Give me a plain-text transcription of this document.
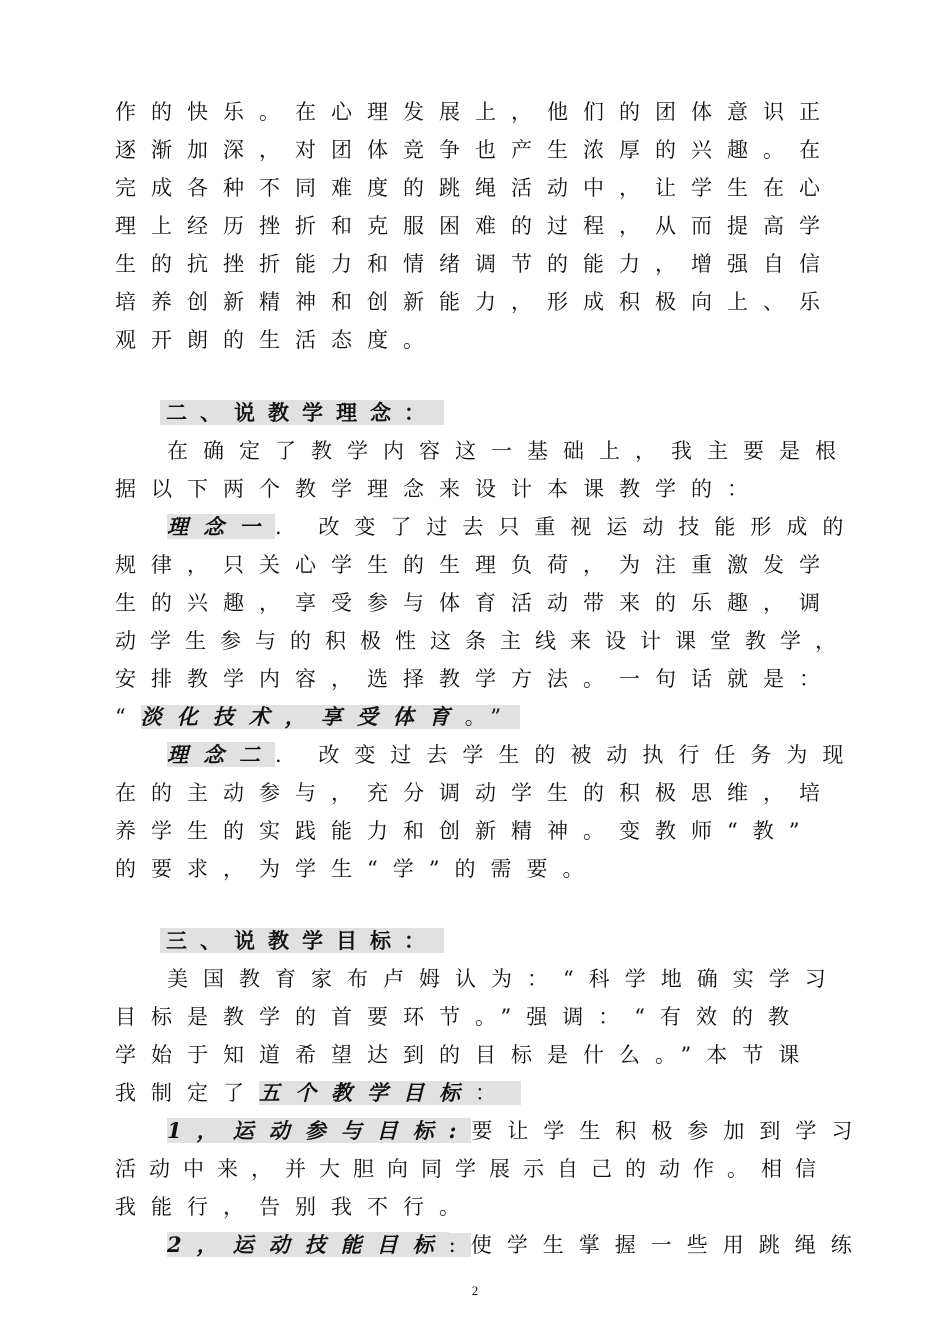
作的快乐。在心理发展上，他们的团体意识正
逐渐加深，对团体竞争也产生浓厚的兴趣。在
完成各种不同难度的跳绳活动中，让学生在心
理上经历挫折和克服困难的过程，从而提高学
生的抗挫折能力和情绪调节的能力，增强自信
培养创新精神和创新能力，形成积极向上、乐
观开朗的生活态度。
二、说教学理念：
在确定了教学内容这一基础上，我主要是根
据以下两个教学理念来设计本课教学的：
理念一. 改变了过去只重视运动技能形成的
规律，只关心学生的生理负荷，为注重激发学
生的兴趣，享受参与体育活动带来的乐趣，调
动学生参与的积极性这条主线来设计课堂教学，
安排教学内容，选择教学方法。一句话就是：
“淡化技术，享受体育。”
理念二. 改变过去学生的被动执行任务为现
在的主动参与，充分调动学生的积极思维，培
养学生的实践能力和创新精神。变教师“教”
的要求，为学生“学”的需要。
三、说教学目标：
美国教育家布卢姆认为：“科学地确实学习
目标是教学的首要环节。”强调：“有效的教
学始于知道希望达到的目标是什么。”本节课
我制定了五个教学目标：
1，运动参与目标:要让学生积极参加到学习
活动中来，并大胆向同学展示自己的动作。相信
我能行，告别我不行。
2，运动技能目标:使学生掌握一些用跳绳练
2
